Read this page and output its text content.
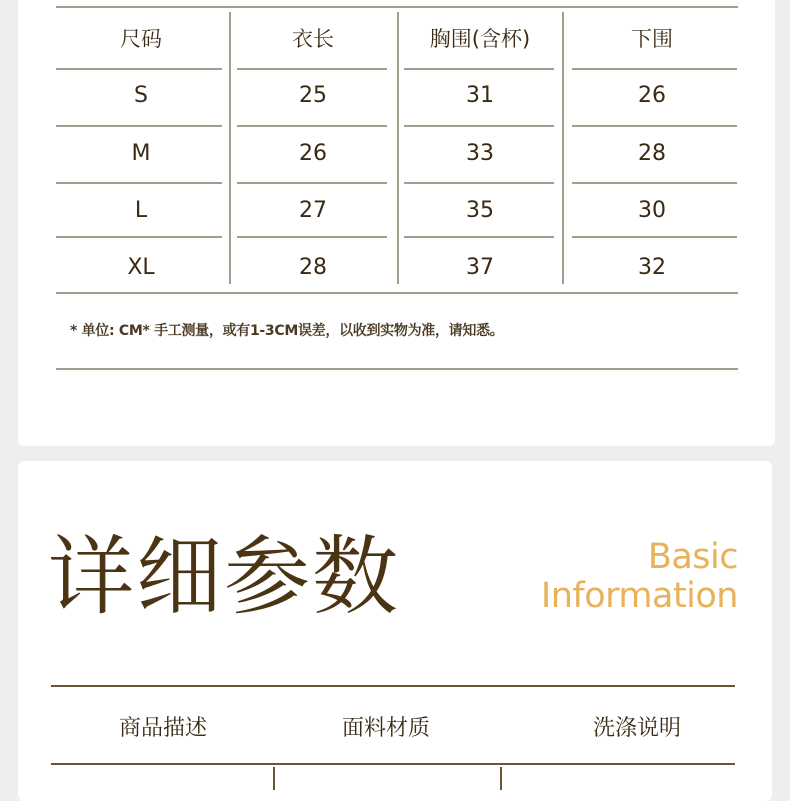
尺码	衣长	胸围(含杯)	下围
S	25	31	26
M	26	33	28
L	27	35	30
XL	28	37	32
* 单位: CM* 手工测量，或有1-3CM误差，以收到实物为准，请知悉。
详细参数	Basic
Information
商品描述	面料材质	洗涤说明
